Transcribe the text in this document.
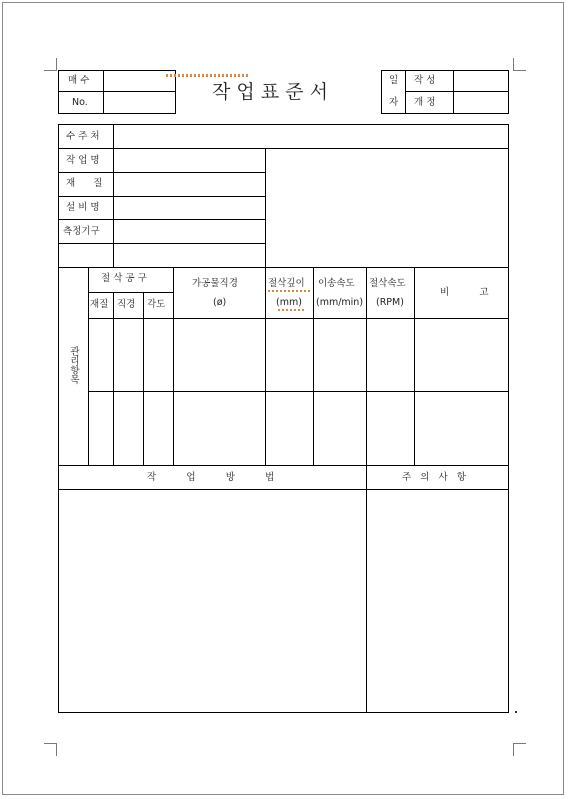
매 수
No.	작 업 표 준 서
일
자
작 성
개 정
수 주 처
작 업 명
재      질
설 비 명
측정기구
관리항목
절 삭 공 구
재질 직경 각도
가공물직경
(ø)
절삭깊이
(mm)
이송속도
(mm/min)
절삭속도
(RPM)
비          고
작          업          방          법	주   의   사   항
